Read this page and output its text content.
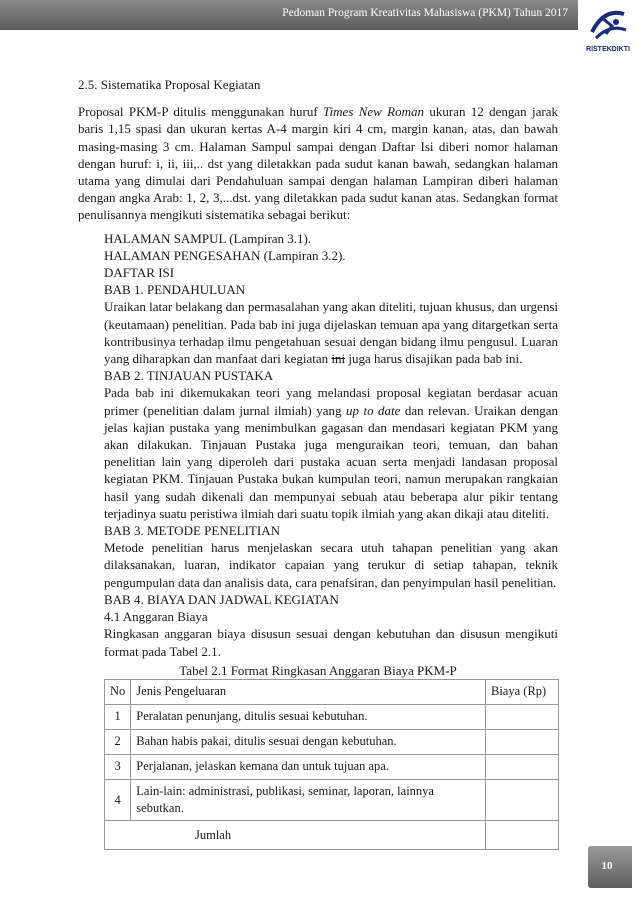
Pedoman Program Kreativitas Mahasiswa (PKM) Tahun 2017
RISTEKDIKTI

2.5. Sistematika Proposal Kegiatan

Proposal PKM-P ditulis menggunakan huruf Times New Roman ukuran 12 dengan jarak baris 1,15 spasi dan ukuran kertas A-4 margin kiri 4 cm, margin kanan, atas, dan bawah masing-masing 3 cm. Halaman Sampul sampai dengan Daftar Isi diberi nomor halaman dengan huruf: i, ii, iii,.. dst yang diletakkan pada sudut kanan bawah, sedangkan halaman utama yang dimulai dari Pendahuluan sampai dengan halaman Lampiran diberi halaman dengan angka Arab: 1, 2, 3,...dst. yang diletakkan pada sudut kanan atas. Sedangkan format penulisannya mengikuti sistematika sebagai berikut:

HALAMAN SAMPUL (Lampiran 3.1).

HALAMAN PENGESAHAN (Lampiran 3.2).

DAFTAR ISI

BAB 1. PENDAHULUAN

Uraikan latar belakang dan permasalahan yang akan diteliti, tujuan khusus, dan urgensi (keutamaan) penelitian. Pada bab ini juga dijelaskan temuan apa yang ditargetkan serta kontribusinya terhadap ilmu pengetahuan sesuai dengan bidang ilmu pengusul. Luaran yang diharapkan dan manfaat dari kegiatan ini juga harus disajikan pada bab ini.

BAB 2. TINJAUAN PUSTAKA

Pada bab ini dikemukakan teori yang melandasi proposal kegiatan berdasar acuan primer (penelitian dalam jurnal ilmiah) yang up to date dan relevan. Uraikan dengan jelas kajian pustaka yang menimbulkan gagasan dan mendasari kegiatan PKM yang akan dilakukan. Tinjauan Pustaka juga menguraikan teori, temuan, dan bahan penelitian lain yang diperoleh dari pustaka acuan serta menjadi landasan proposal kegiatan PKM. Tinjauan Pustaka bukan kumpulan teori, namun merupakan rangkaian hasil yang sudah dikenali dan mempunyai sebuah atau beberapa alur pikir tentang terjadinya suatu peristiwa ilmiah dari suatu topik ilmiah yang akan dikaji atau diteliti.

BAB 3. METODE PENELITIAN

Metode penelitian harus menjelaskan secara utuh tahapan penelitian yang akan dilaksanakan, luaran, indikator capaian yang terukur di setiap tahapan, teknik pengumpulan data dan analisis data, cara penafsiran, dan penyimpulan hasil penelitian.

BAB 4. BIAYA DAN JADWAL KEGIATAN

4.1 Anggaran Biaya

Ringkasan anggaran biaya disusun sesuai dengan kebutuhan dan disusun mengikuti format pada Tabel 2.1.

Tabel 2.1 Format Ringkasan Anggaran Biaya PKM-P

No	Jenis Pengeluaran	Biaya (Rp)
1	Peralatan penunjang, ditulis sesuai kebutuhan.	
2	Bahan habis pakai, ditulis sesuai dengan kebutuhan.	
3	Perjalanan, jelaskan kemana dan untuk tujuan apa.	
4	Lain-lain: administrasi, publikasi, seminar, laporan, lainnya sebutkan.	
Jumlah		
10
